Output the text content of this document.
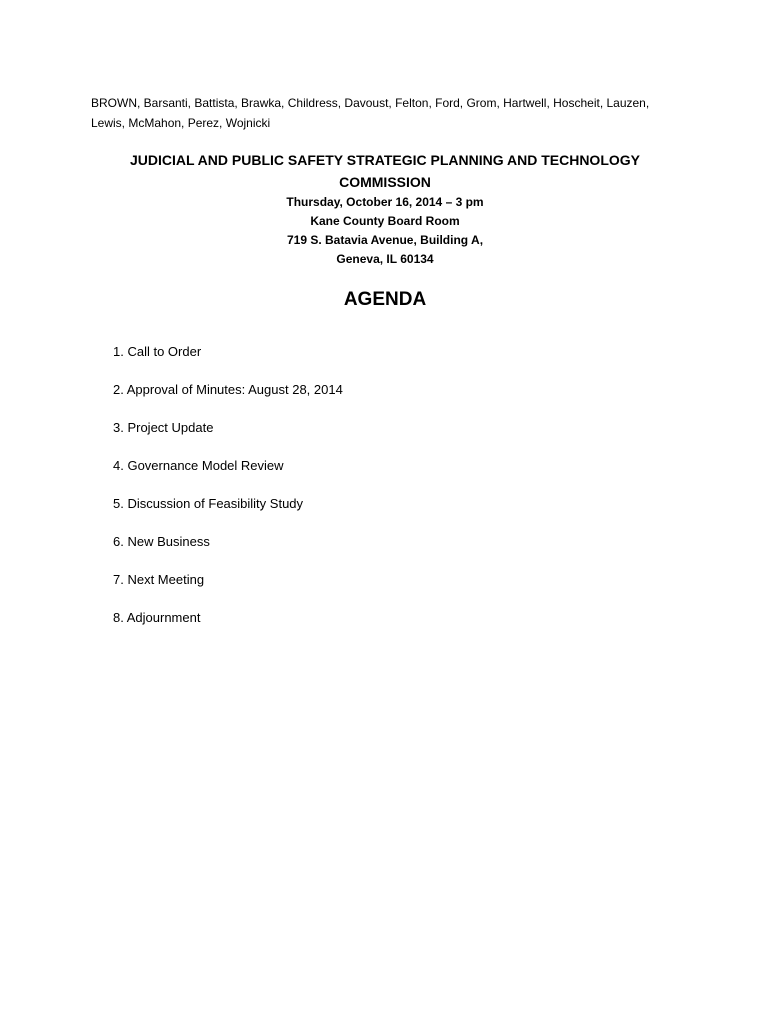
BROWN, Barsanti, Battista, Brawka, Childress, Davoust, Felton, Ford, Grom, Hartwell, Hoscheit, Lauzen,
Lewis, McMahon, Perez, Wojnicki
JUDICIAL AND PUBLIC SAFETY STRATEGIC PLANNING AND TECHNOLOGY
COMMISSION
Thursday, October 16, 2014 – 3 pm
Kane County Board Room
719 S. Batavia Avenue, Building A,
Geneva, IL 60134
AGENDA
1. Call to Order
2. Approval of Minutes: August 28, 2014
3. Project Update
4. Governance Model Review
5. Discussion of Feasibility Study
6. New Business
7. Next Meeting
8. Adjournment
